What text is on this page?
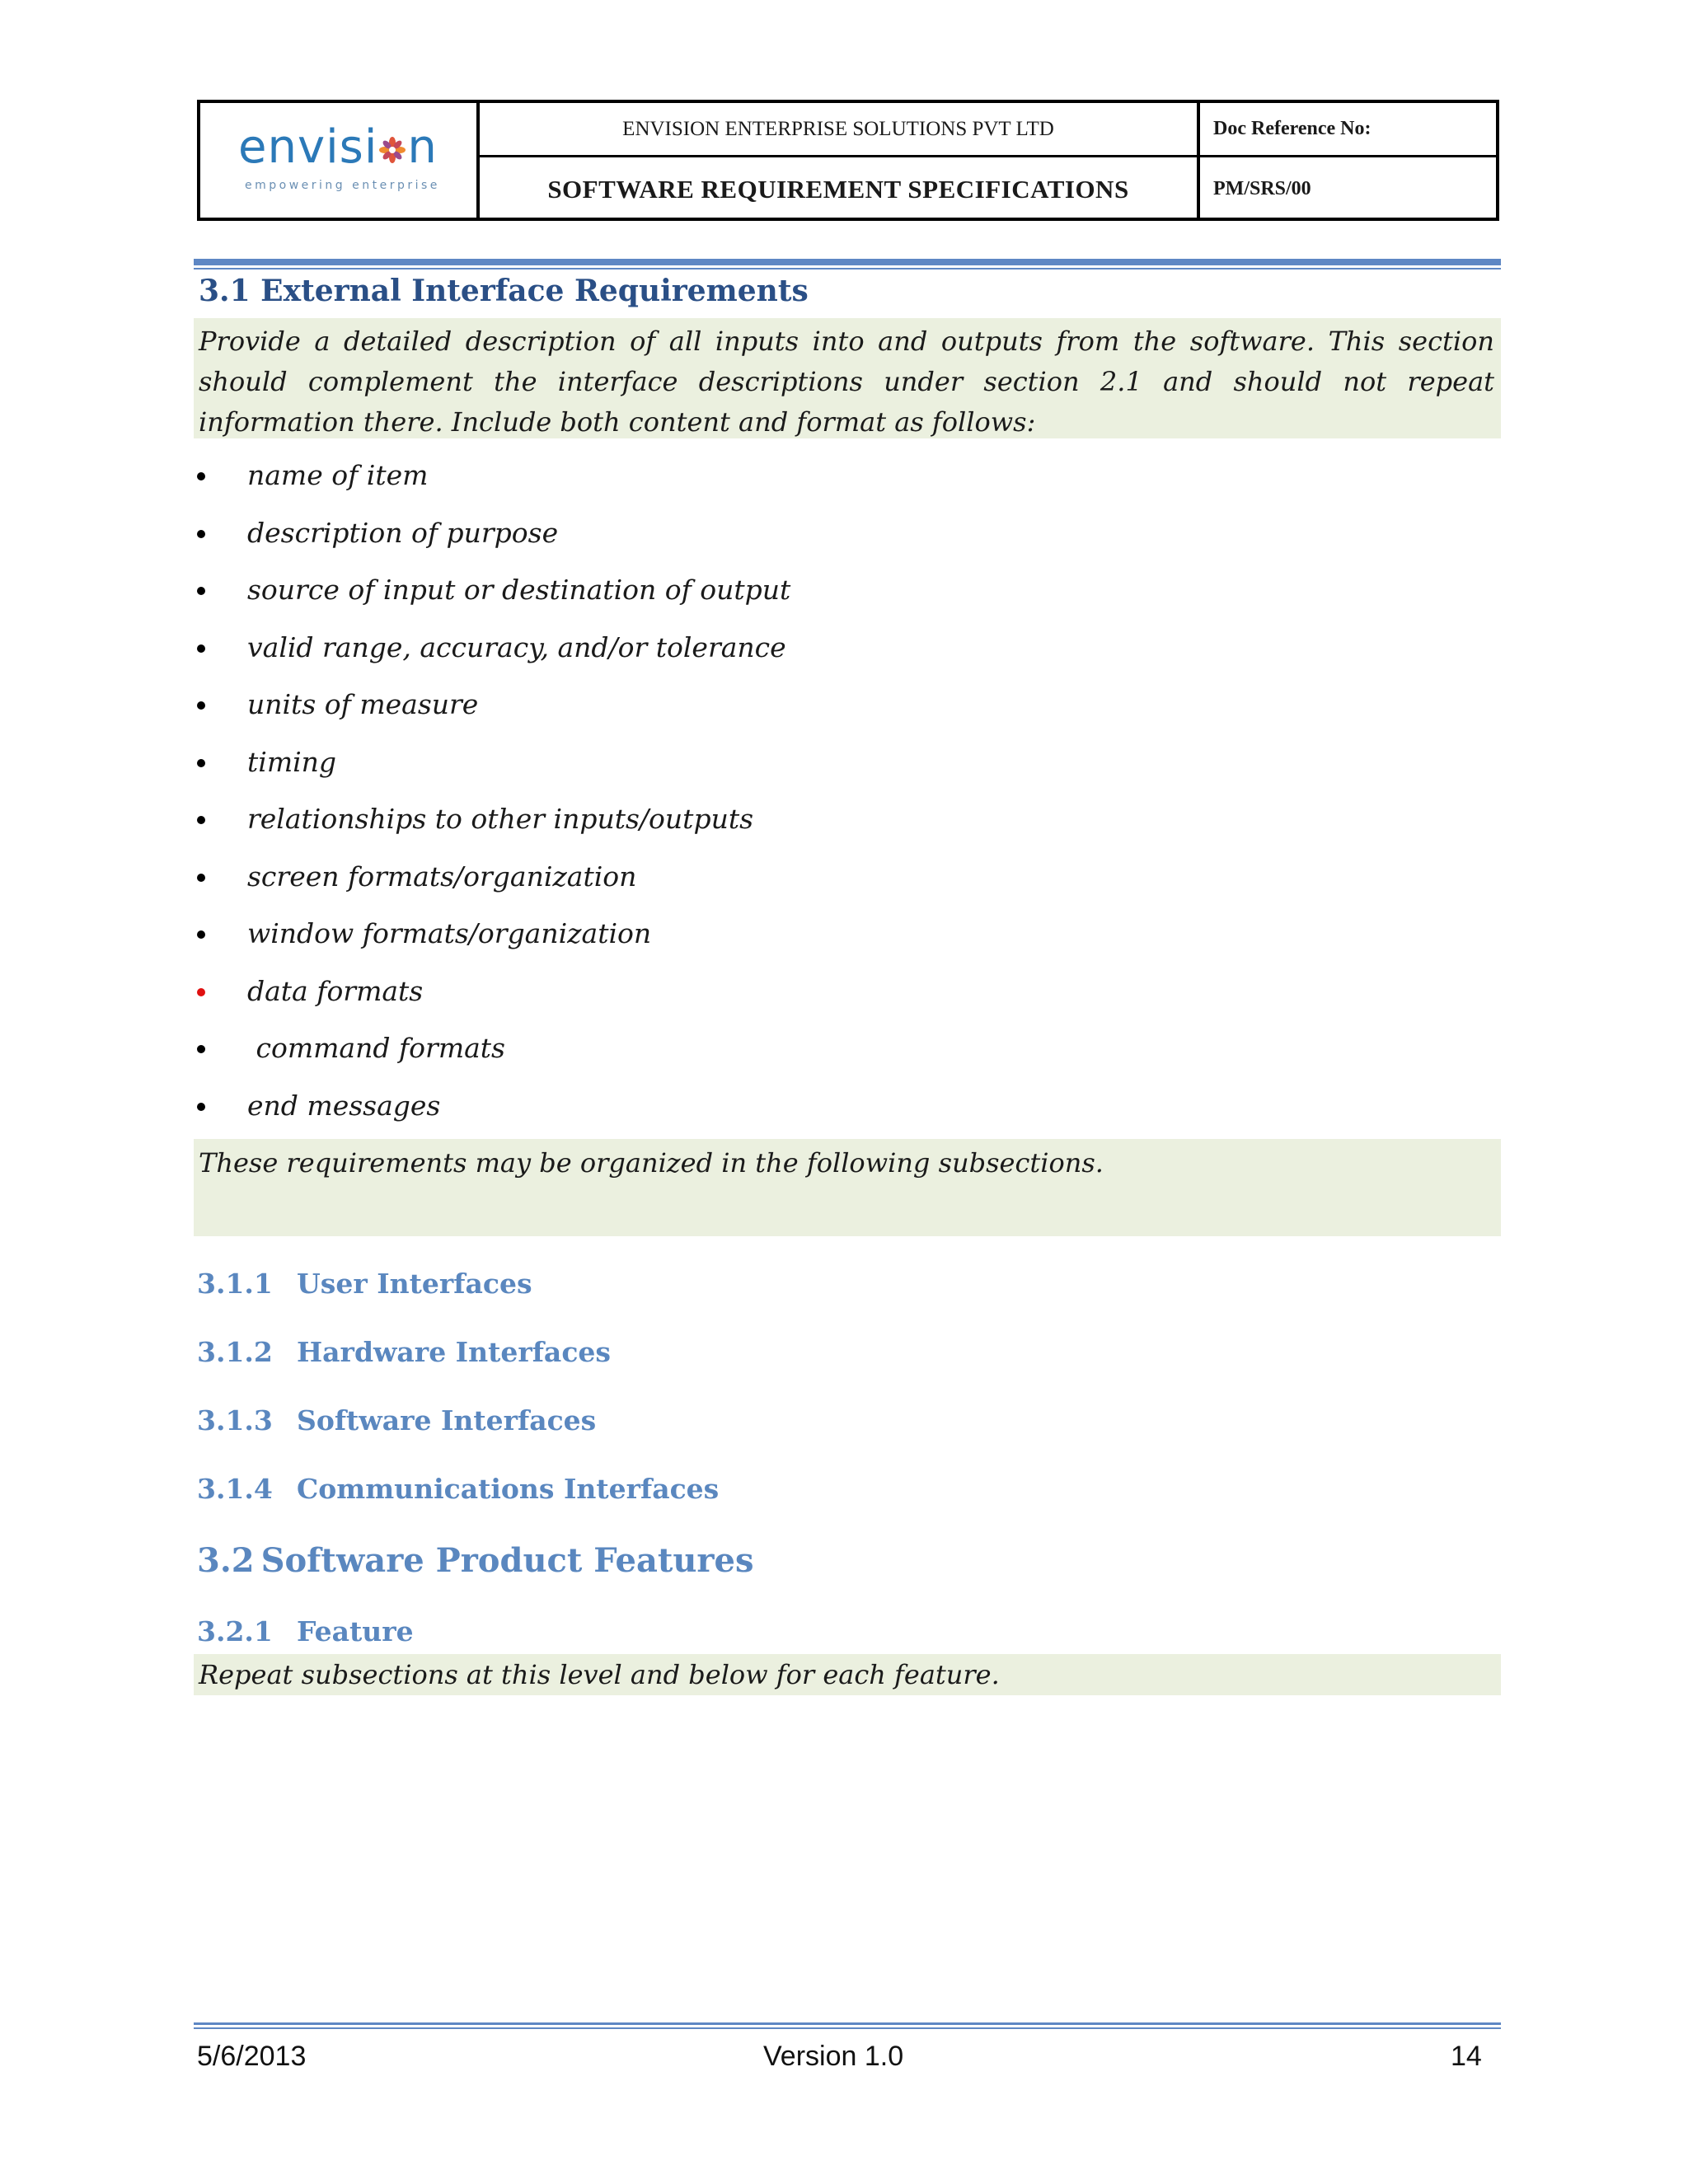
envisi n
empowering enterprise
ENVISION ENTERPRISE SOLUTIONS PVT LTD
SOFTWARE REQUIREMENT SPECIFICATIONS
Doc Reference No:
PM/SRS/00
3.1 External Interface Requirements

Provide a detailed description of all inputs into and outputs from the software. This section should complement the interface descriptions under section 2.1 and should not repeat information there. Include both content and format as follows:

name of item
description of purpose
source of input or destination of output
valid range, accuracy, and/or tolerance
units of measure
timing
relationships to other inputs/outputs
screen formats/organization
window formats/organization
data formats
command formats
end messages

These requirements may be organized in the following subsections.

3.1.1 User Interfaces
3.1.2 Hardware Interfaces
3.1.3 Software Interfaces
3.1.4 Communications Interfaces
3.2 Software Product Features
3.2.1 Feature

Repeat subsections at this level and below for each feature.

5/6/2013	Version 1.0	14
